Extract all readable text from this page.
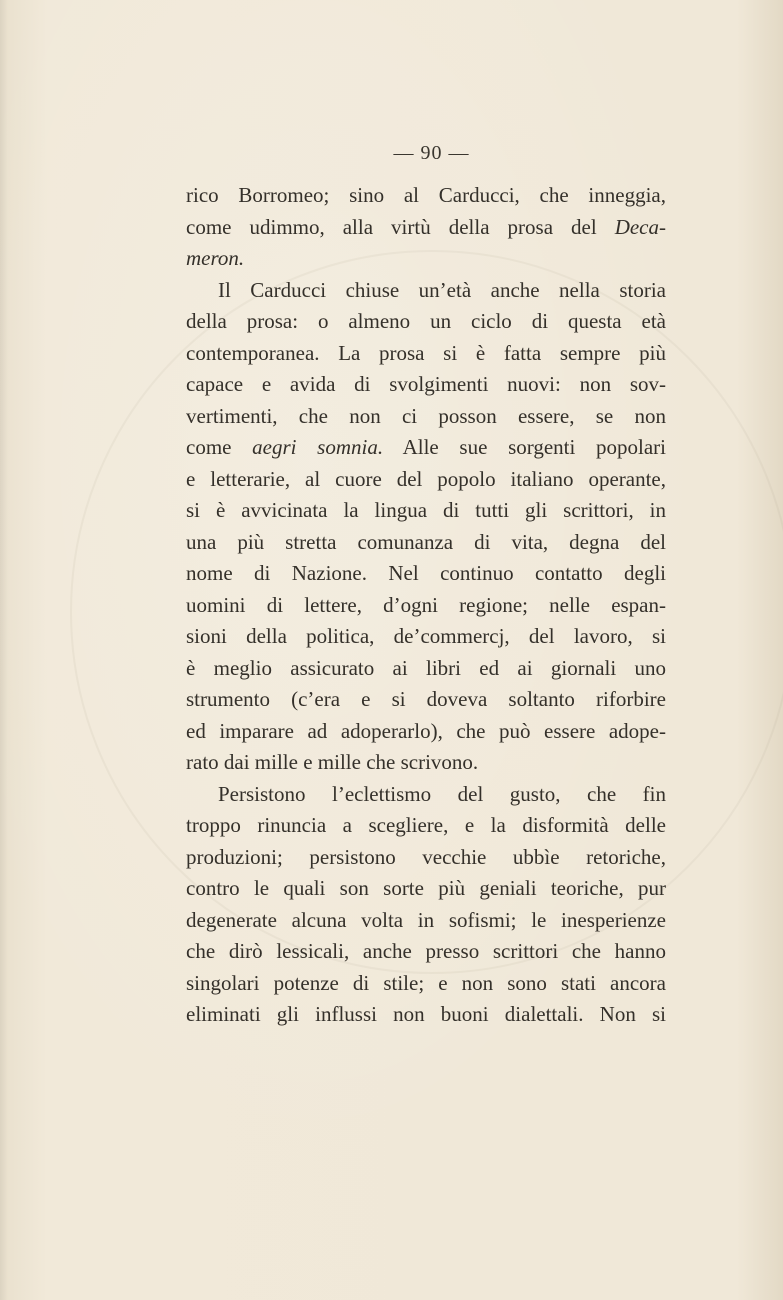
— 90 —
rico Borromeo; sino al Carducci, che inneggia,
come udimmo, alla virtù della prosa del Deca-
meron.
Il Carducci chiuse un’età anche nella storia
della prosa: o almeno un ciclo di questa età
contemporanea. La prosa si è fatta sempre più
capace e avida di svolgimenti nuovi: non sov-
vertimenti, che non ci posson essere, se non
come aegri somnia. Alle sue sorgenti popolari
e letterarie, al cuore del popolo italiano operante,
si è avvicinata la lingua di tutti gli scrittori, in
una più stretta comunanza di vita, degna del
nome di Nazione. Nel continuo contatto degli
uomini di lettere, d’ogni regione; nelle espan-
sioni della politica, de’commercj, del lavoro, si
è meglio assicurato ai libri ed ai giornali uno
strumento (c’era e si doveva soltanto riforbire
ed imparare ad adoperarlo), che può essere adope-
rato dai mille e mille che scrivono.
Persistono l’eclettismo del gusto, che fin
troppo rinuncia a scegliere, e la disformità delle
produzioni; persistono vecchie ubbìe retoriche,
contro le quali son sorte più geniali teoriche, pur
degenerate alcuna volta in sofismi; le inesperienze
che dirò lessicali, anche presso scrittori che hanno
singolari potenze di stile; e non sono stati ancora
eliminati gli influssi non buoni dialettali. Non si
